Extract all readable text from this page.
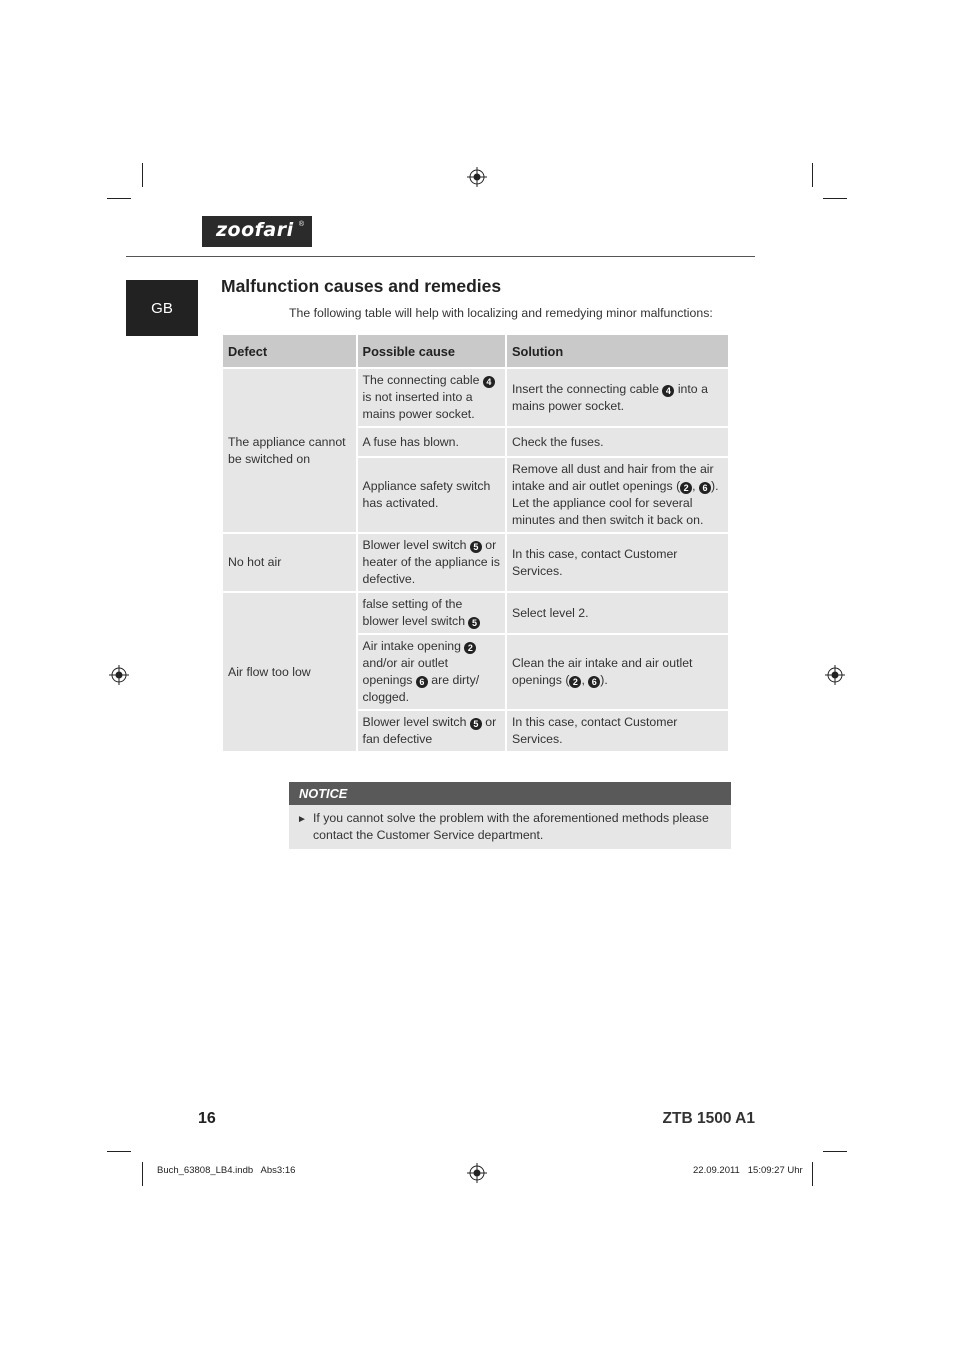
zoofari ®
GB
Malfunction causes and remedies
The following table will help with localizing and remedying minor malfunctions:
Defect	Possible cause	Solution
The appliance cannot be switched on	The connecting cable 4 is not inserted into a mains power socket.	Insert the connecting cable 4 into a mains power socket.
	A fuse has blown.	Check the fuses.
	Appliance safety switch has activated.	Remove all dust and hair from the air intake and air outlet openings ( 2 , 6 ). Let the appliance cool for several minutes and then switch it back on.
No hot air	Blower level switch 5 or heater of the appliance is defective.	In this case, contact Customer Services.
Air flow too low	false setting of the blower level switch 5	Select level 2.
	Air intake opening 2 and/or air outlet openings 6 are dirty/ clogged.	Clean the air intake and air outlet openings ( 2 , 6 ).
	Blower level switch 5 or fan defective	In this case, contact Customer Services.
NOTICE
► If you cannot solve the problem with the aforementioned methods please contact the Customer Service department.
16	ZTB 1500 A1
Buch_63808_LB4.indb   Abs3:16	22.09.2011   15:09:27 Uhr
